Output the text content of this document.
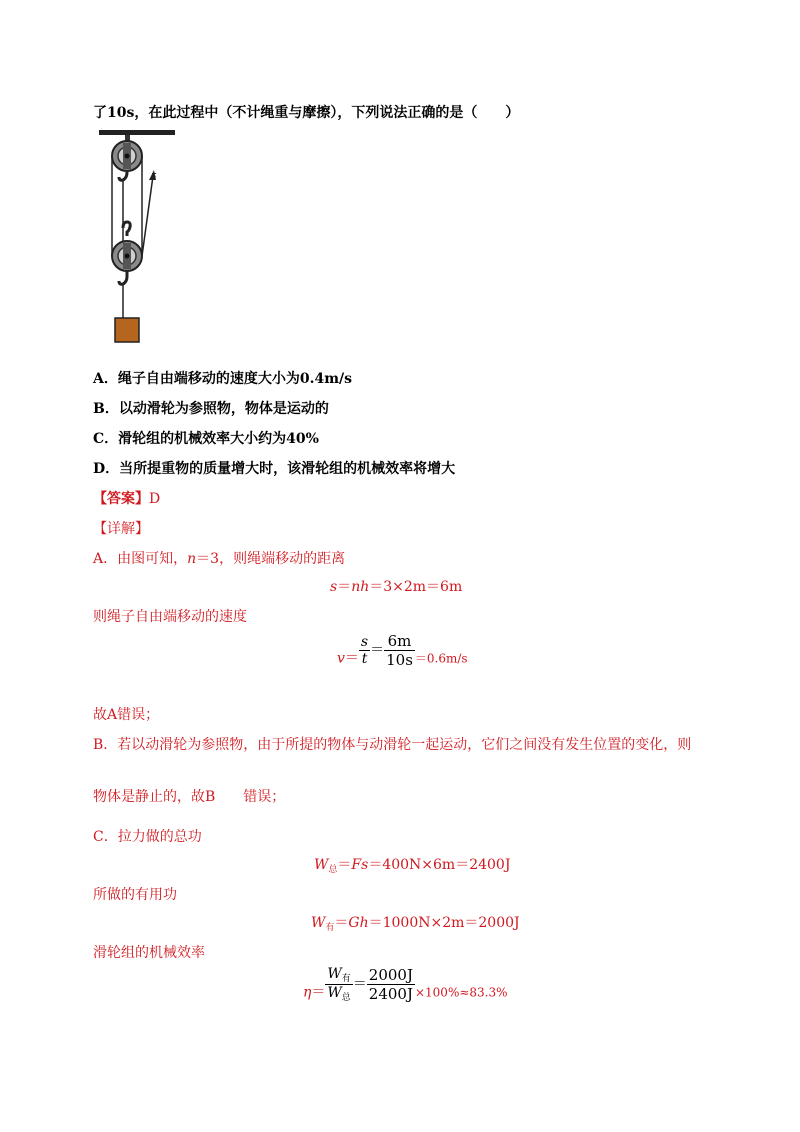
了10s，在此过程中（不计绳重与摩擦），下列说法正确的是（　　）
F
A．绳子自由端移动的速度大小为0.4m/s
B．以动滑轮为参照物，物体是运动的
C．滑轮组的机械效率大小约为40%
D．当所提重物的质量增大时，该滑轮组的机械效率将增大
【答案】D
【详解】
A．由图可知，n＝3，则绳端移动的距离
s＝nh＝3×2m＝6m
则绳子自由端移动的速度
$v= \frac{s}{t} = \frac{6m}{10s} =0.6m/s$
故A错误；
B．若以动滑轮为参照物，由于所提的物体与动滑轮一起运动，它们之间没有发生位置的变化，则
物体是静止的，故B　　错误；
C．拉力做的总功
$W_总=Fs=400N\times 6m=2400J$
所做的有用功
$W_有=Gh=1000N\times 2m=2000J$
滑轮组的机械效率
$\eta= \frac{W_有}{W_总} = \frac{2000J}{2400J} \times 100\%\approx 83.3\%$
